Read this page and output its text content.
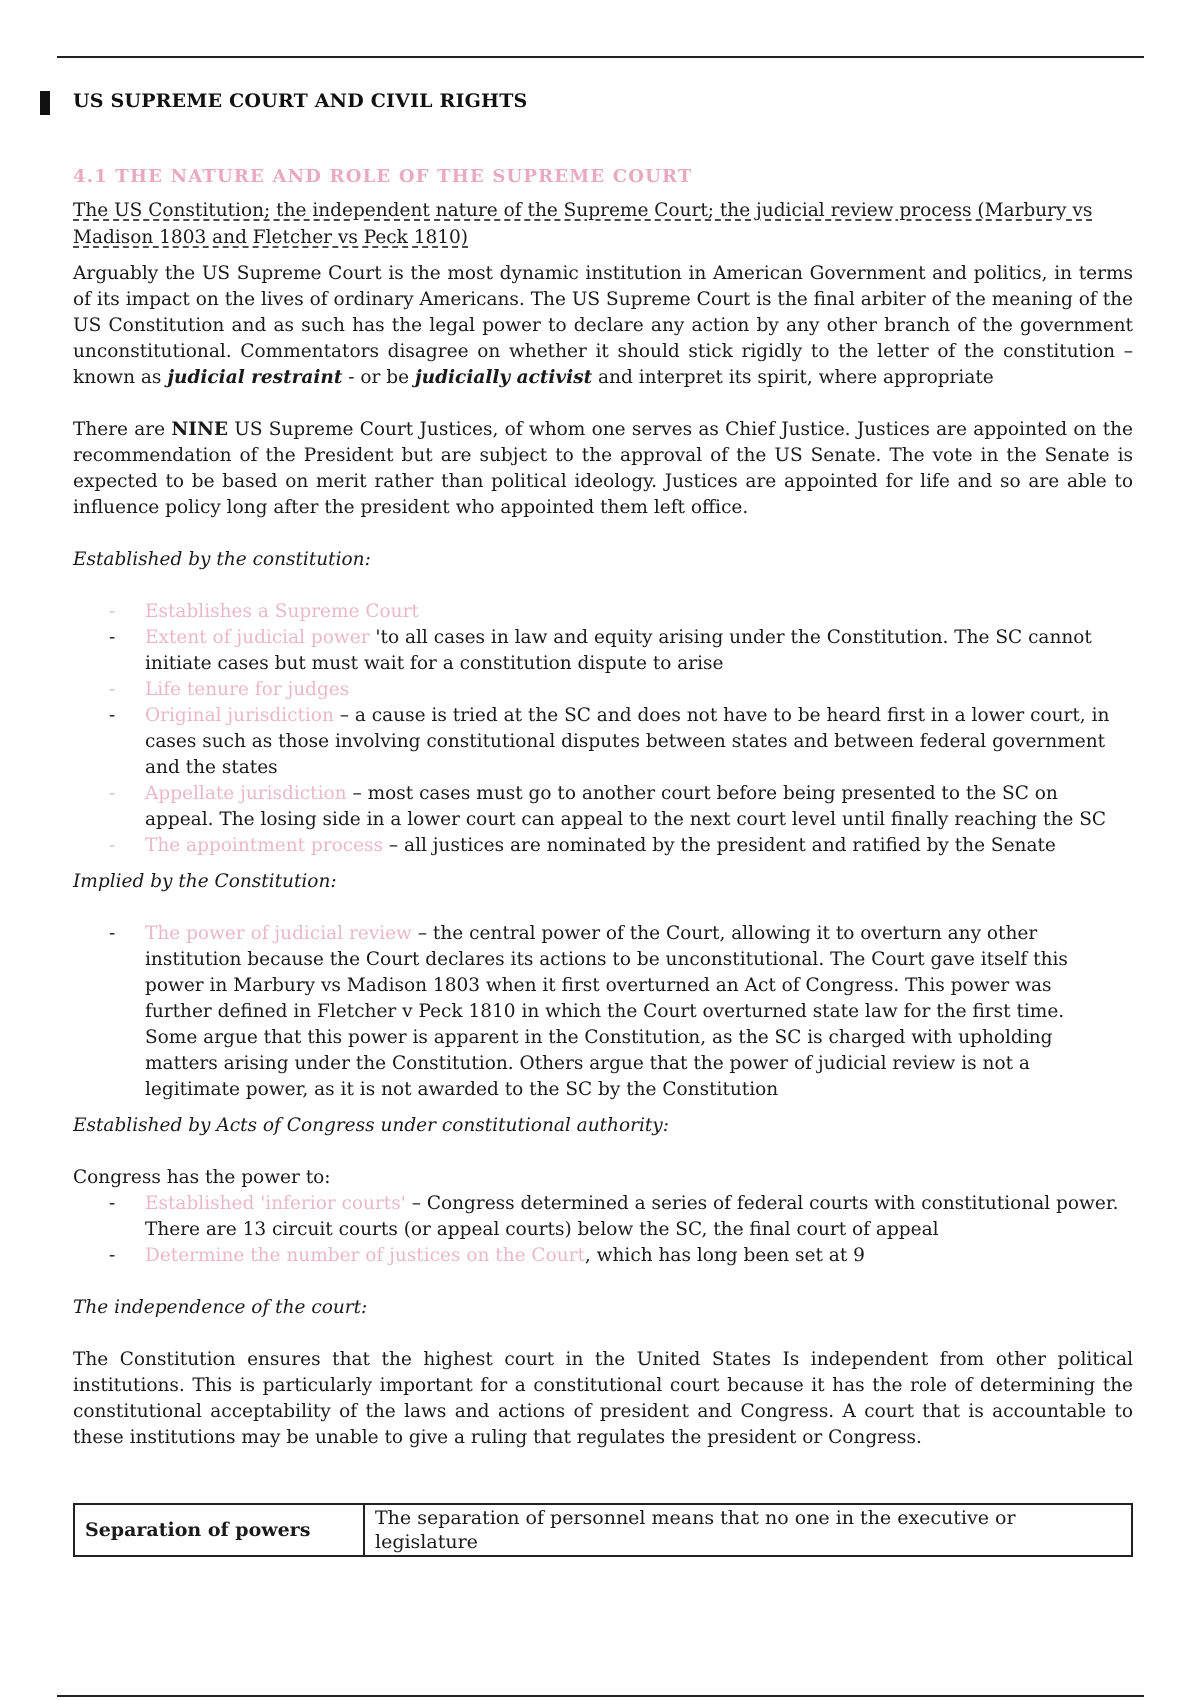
US SUPREME COURT AND CIVIL RIGHTS
4.1 THE NATURE AND ROLE OF THE SUPREME COURT
The US Constitution; the independent nature of the Supreme Court; the judicial review process (Marbury vs Madison 1803 and Fletcher vs Peck 1810)

Arguably the US Supreme Court is the most dynamic institution in American Government and politics, in terms of its impact on the lives of ordinary Americans. The US Supreme Court is the final arbiter of the meaning of the US Constitution and as such has the legal power to declare any action by any other branch of the government unconstitutional. Commentators disagree on whether it should stick rigidly to the letter of the constitution – known as judicial restraint - or be judicially activist and interpret its spirit, where appropriate

There are NINE US Supreme Court Justices, of whom one serves as Chief Justice. Justices are appointed on the recommendation of the President but are subject to the approval of the US Senate. The vote in the Senate is expected to be based on merit rather than political ideology. Justices are appointed for life and so are able to influence policy long after the president who appointed them left office.

Established by the constitution:

- Establishes a Supreme Court
- Extent of judicial power 'to all cases in law and equity arising under the Constitution. The SC cannot initiate cases but must wait for a constitution dispute to arise
- Life tenure for judges
- Original jurisdiction – a cause is tried at the SC and does not have to be heard first in a lower court, in cases such as those involving constitutional disputes between states and between federal government and the states
- Appellate jurisdiction – most cases must go to another court before being presented to the SC on appeal. The losing side in a lower court can appeal to the next court level until finally reaching the SC
- The appointment process – all justices are nominated by the president and ratified by the Senate

Implied by the Constitution:

- The power of judicial review – the central power of the Court, allowing it to overturn any other institution because the Court declares its actions to be unconstitutional. The Court gave itself this power in Marbury vs Madison 1803 when it first overturned an Act of Congress. This power was further defined in Fletcher v Peck 1810 in which the Court overturned state law for the first time. Some argue that this power is apparent in the Constitution, as the SC is charged with upholding matters arising under the Constitution. Others argue that the power of judicial review is not a legitimate power, as it is not awarded to the SC by the Constitution

Established by Acts of Congress under constitutional authority:

Congress has the power to:

- Established 'inferior courts' – Congress determined a series of federal courts with constitutional power. There are 13 circuit courts (or appeal courts) below the SC, the final court of appeal
- Determine the number of justices on the Court, which has long been set at 9

The independence of the court:

The Constitution ensures that the highest court in the United States Is independent from other political institutions. This is particularly important for a constitutional court because it has the role of determining the constitutional acceptability of the laws and actions of president and Congress. A court that is accountable to these institutions may be unable to give a ruling that regulates the president or Congress.

Separation of powers	The separation of personnel means that no one in the executive or legislature
